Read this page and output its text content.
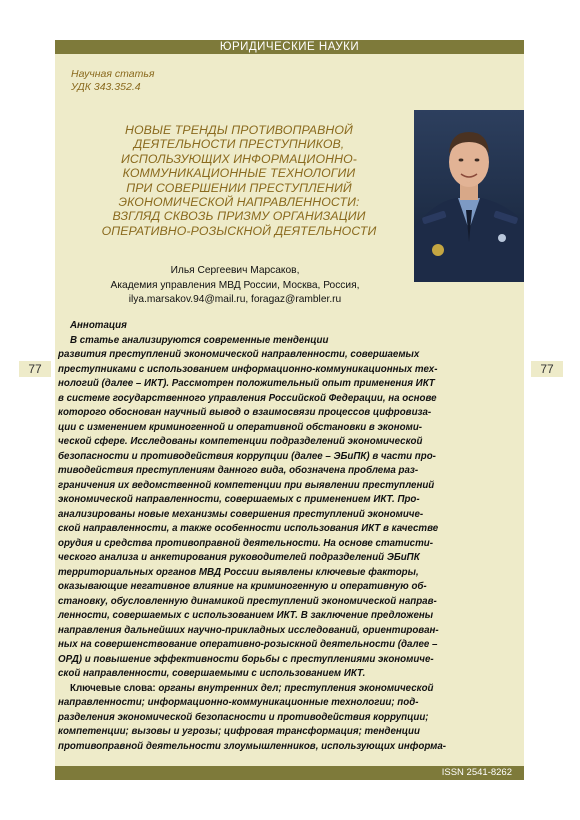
ЮРИДИЧЕСКИЕ НАУКИ
77	77
Научная статья
УДК 343.352.4
НОВЫЕ ТРЕНДЫ ПРОТИВОПРАВНОЙ
ДЕЯТЕЛЬНОСТИ ПРЕСТУПНИКОВ,
ИСПОЛЬЗУЮЩИХ ИНФОРМАЦИОННО-
КОММУНИКАЦИОННЫЕ ТЕХНОЛОГИИ
ПРИ СОВЕРШЕНИИ ПРЕСТУПЛЕНИЙ
ЭКОНОМИЧЕСКОЙ НАПРАВЛЕННОСТИ:
ВЗГЛЯД СКВОЗЬ ПРИЗМУ ОРГАНИЗАЦИИ
ОПЕРАТИВНО-РОЗЫСКНОЙ ДЕЯТЕЛЬНОСТИ
Илья Сергеевич Марсаков,
Академия управления МВД России, Москва, Россия,
ilya.marsakov.94@mail.ru, foragaz@rambler.ru
Аннотация
В статье анализируются современные тенденции
развития преступлений экономической направленности, совершаемых
преступниками с использованием информационно-коммуникационных тех-
нологий (далее – ИКТ). Рассмотрен положительный опыт применения ИКТ
в системе государственного управления Российской Федерации, на основе
которого обоснован научный вывод о взаимосвязи процессов цифровиза-
ции с изменением криминогенной и оперативной обстановки в экономи-
ческой сфере. Исследованы компетенции подразделений экономической
безопасности и противодействия коррупции (далее – ЭБиПК) в части про-
тиводействия преступлениям данного вида, обозначена проблема раз-
граничения их ведомственной компетенции при выявлении преступлений
экономической направленности, совершаемых с применением ИКТ. Про-
анализированы новые механизмы совершения преступлений экономиче-
ской направленности, а также особенности использования ИКТ в качестве
орудия и средства противоправной деятельности. На основе статисти-
ческого анализа и анкетирования руководителей подразделений ЭБиПК
территориальных органов МВД России выявлены ключевые факторы,
оказывающие негативное влияние на криминогенную и оперативную об-
становку, обусловленную динамикой преступлений экономической направ-
ленности, совершаемых с использованием ИКТ. В заключение предложены
направления дальнейших научно-прикладных исследований, ориентирован-
ных на совершенствование оперативно-розыскной деятельности (далее –
ОРД) и повышение эффективности борьбы с преступлениями экономиче-
ской направленности, совершаемыми с использованием ИКТ.
Ключевые слова: органы внутренних дел; преступления экономической
направленности; информационно-коммуникационные технологии; под-
разделения экономической безопасности и противодействия коррупции;
компетенции; вызовы и угрозы; цифровая трансформация; тенденции
противоправной деятельности злоумышленников, использующих информа-
ISSN 2541-8262
